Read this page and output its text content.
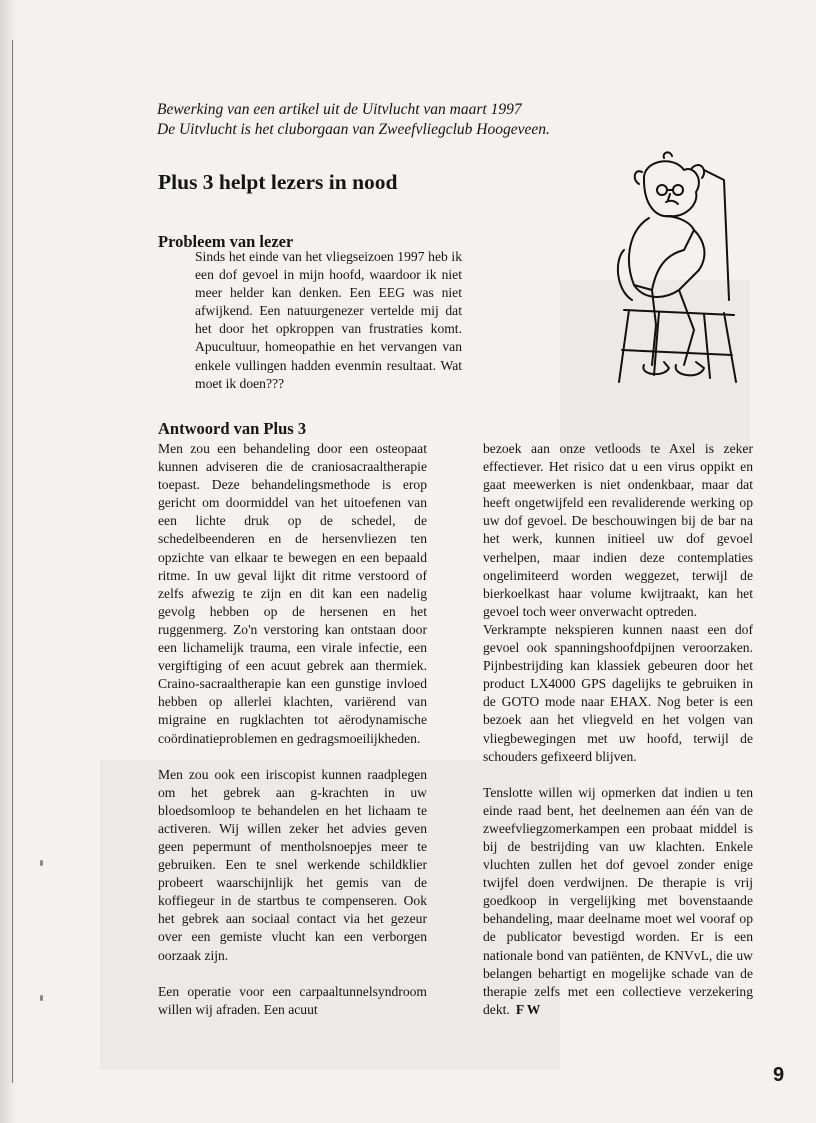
Bewerking van een artikel uit de Uitvlucht van maart 1997
De Uitvlucht is het cluborgaan van Zweefvliegclub Hoogeveen.
Plus 3 helpt lezers in nood
Probleem van lezer

Sinds het einde van het vliegseizoen 1997 heb ik een dof gevoel in mijn hoofd, waardoor ik niet meer helder kan denken. Een EEG was niet afwijkend. Een natuurgenezer vertelde mij dat het door het opkroppen van frustraties komt. Apucultuur, homeopathie en het vervangen van enkele vullingen hadden evenmin resultaat. Wat moet ik doen???

Antwoord van Plus 3

Men zou een behandeling door een osteopaat kunnen adviseren die de craniosacraaltherapie toepast. Deze behandelingsmethode is erop gericht om doormiddel van het uitoefenen van een lichte druk op de schedel, de schedelbeenderen en de hersenvliezen ten opzichte van elkaar te bewegen en een bepaald ritme. In uw geval lijkt dit ritme verstoord of zelfs afwezig te zijn en dit kan een nadelig gevolg hebben op de hersenen en het ruggenmerg. Zo'n verstoring kan ontstaan door een lichamelijk trauma, een virale infectie, een vergiftiging of een acuut gebrek aan thermiek. Craino-sacraaltherapie kan een gunstige invloed hebben op allerlei klachten, variërend van migraine en rugklachten tot aërodynamische coördinatieproblemen en gedragsmoeilijkheden.

Men zou ook een iriscopist kunnen raadplegen om het gebrek aan g-krachten in uw bloedsomloop te behandelen en het lichaam te activeren. Wij willen zeker het advies geven geen pepermunt of mentholsnoepjes meer te gebruiken. Een te snel werkende schildklier probeert waarschijnlijk het gemis van de koffiegeur in de startbus te compenseren. Ook het gebrek aan sociaal contact via het gezeur over een gemiste vlucht kan een verborgen oorzaak zijn.

Een operatie voor een carpaaltunnelsyndroom willen wij afraden. Een acuut

bezoek aan onze vetloods te Axel is zeker effectiever. Het risico dat u een virus oppikt en gaat meewerken is niet ondenkbaar, maar dat heeft ongetwijfeld een revaliderende werking op uw dof gevoel. De beschouwingen bij de bar na het werk, kunnen initieel uw dof gevoel verhelpen, maar indien deze contemplaties ongelimiteerd worden weggezet, terwijl de bierkoelkast haar volume kwijtraakt, kan het gevoel toch weer onverwacht optreden.

Verkrampte nekspieren kunnen naast een dof gevoel ook spanningshoofdpijnen veroorzaken. Pijnbestrijding kan klassiek gebeuren door het product LX4000 GPS dagelijks te gebruiken in de GOTO mode naar EHAX. Nog beter is een bezoek aan het vliegveld en het volgen van vliegbewegingen met uw hoofd, terwijl de schouders gefixeerd blijven.

Tenslotte willen wij opmerken dat indien u ten einde raad bent, het deelnemen aan één van de zweefvliegzomerkampen een probaat middel is bij de bestrijding van uw klachten. Enkele vluchten zullen het dof gevoel zonder enige twijfel doen verdwijnen. De therapie is vrij goedkoop in vergelijking met bovenstaande behandeling, maar deelname moet wel vooraf op de publicator bevestigd worden. Er is een nationale bond van patiënten, de KNVvL, die uw belangen behartigt en mogelijke schade van de therapie zelfs met een collectieve verzekering dekt. F W

9
